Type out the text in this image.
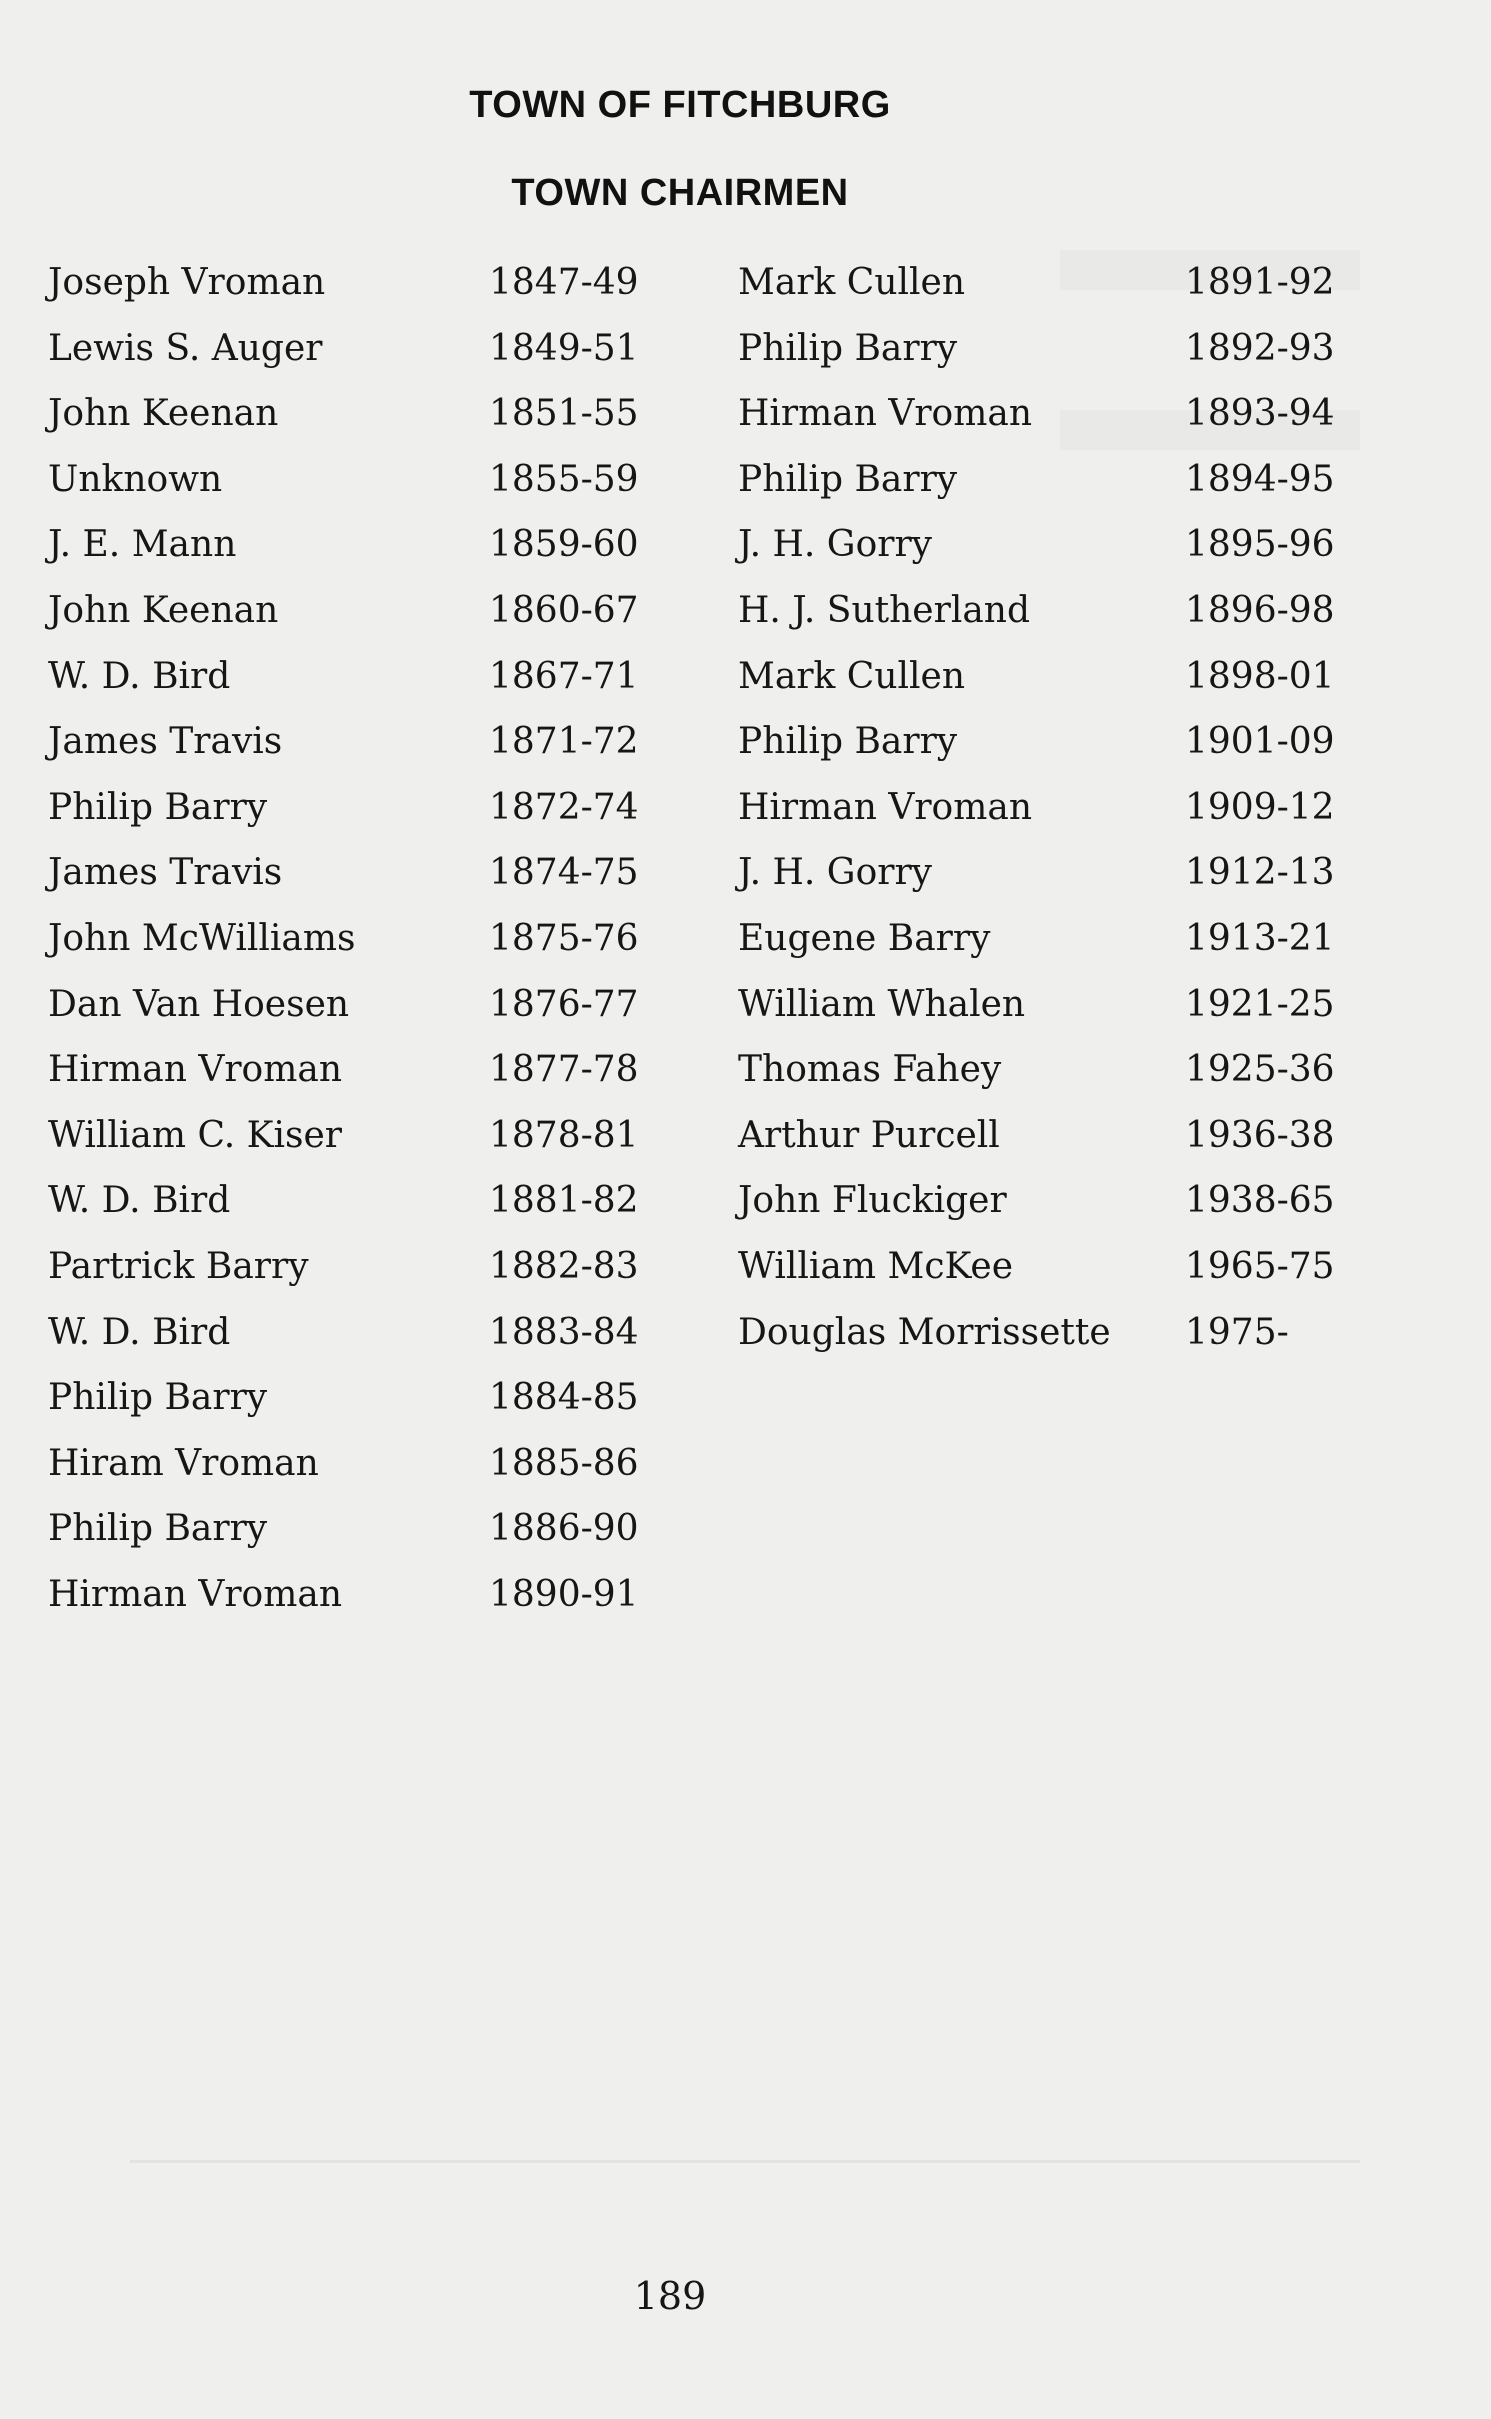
TOWN OF FITCHBURG
TOWN CHAIRMEN
Joseph Vroman	1847-49
Lewis S. Auger	1849-51
John Keenan	1851-55
Unknown	1855-59
J. E. Mann	1859-60
John Keenan	1860-67
W. D. Bird	1867-71
James Travis	1871-72
Philip Barry	1872-74
James Travis	1874-75
John McWilliams	1875-76
Dan Van Hoesen	1876-77
Hirman Vroman	1877-78
William C. Kiser	1878-81
W. D. Bird	1881-82
Partrick Barry	1882-83
W. D. Bird	1883-84
Philip Barry	1884-85
Hiram Vroman	1885-86
Philip Barry	1886-90
Hirman Vroman	1890-91
Mark Cullen	1891-92
Philip Barry	1892-93
Hirman Vroman	1893-94
Philip Barry	1894-95
J. H. Gorry	1895-96
H. J. Sutherland	1896-98
Mark Cullen	1898-01
Philip Barry	1901-09
Hirman Vroman	1909-12
J. H. Gorry	1912-13
Eugene Barry	1913-21
William Whalen	1921-25
Thomas Fahey	1925-36
Arthur Purcell	1936-38
John Fluckiger	1938-65
William McKee	1965-75
Douglas Morrissette 1975-
189
